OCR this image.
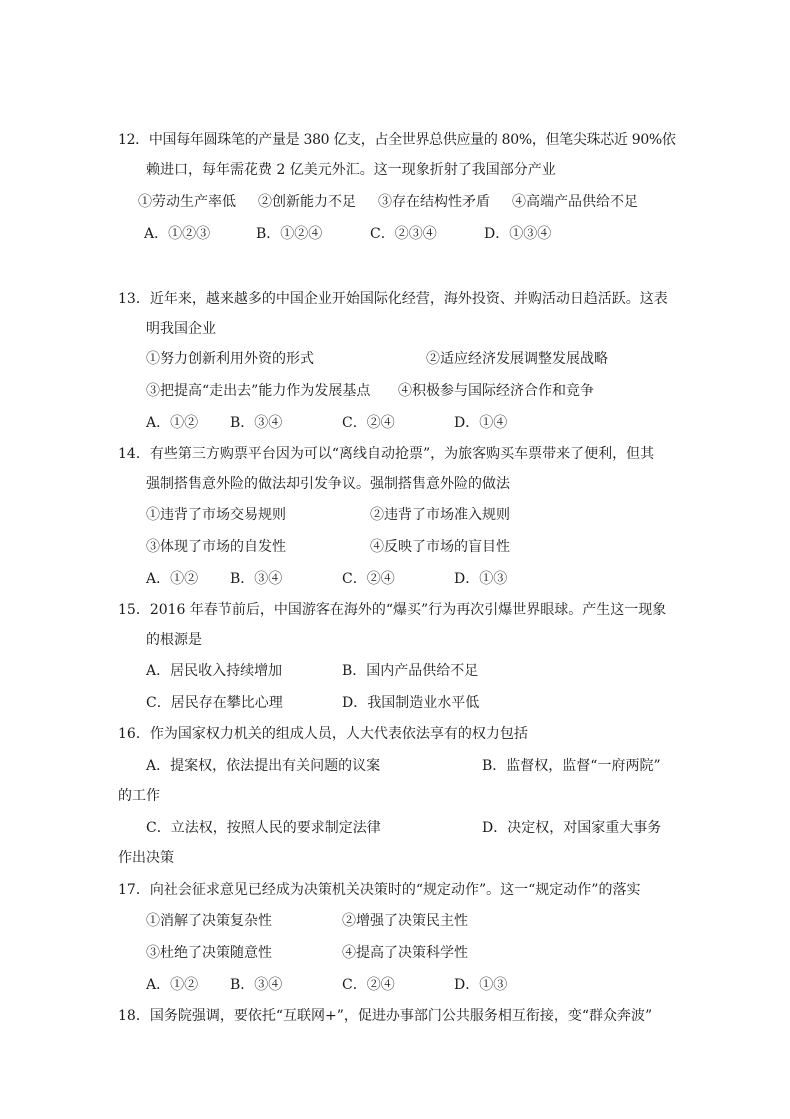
12．中国每年圆珠笔的产量是 380 亿支，占全世界总供应量的 80%，但笔尖珠芯近 90%依
赖进口，每年需花费 2 亿美元外汇。这一现象折射了我国部分产业
①劳动生产率低 ②创新能力不足 ③存在结构性矛盾 ④高端产品供给不足
A．①②③	B．①②④	C．②③④	D．①③④
13．近年来，越来越多的中国企业开始国际化经营，海外投资、并购活动日趋活跃。这表
明我国企业
①努力创新利用外资的形式	②适应经济发展调整发展战略
③把提高“走出去”能力作为发展基点 ④积极参与国际经济合作和竞争
A．①② B．③④	C．②④	D．①④
14．有些第三方购票平台因为可以“离线自动抢票”，为旅客购买车票带来了便利，但其
强制搭售意外险的做法却引发争议。强制搭售意外险的做法
①违背了市场交易规则	②违背了市场准入规则
③体现了市场的自发性	④反映了市场的盲目性
A．①② B．③④	C．②④	D．①③
15．2016 年春节前后，中国游客在海外的“爆买”行为再次引爆世界眼球。产生这一现象
的根源是
A．居民收入持续增加	B．国内产品供给不足
C．居民存在攀比心理	D．我国制造业水平低
16．作为国家权力机关的组成人员，人大代表依法享有的权力包括
A．提案权，依法提出有关问题的议案	B．监督权，监督“一府两院”
的工作
C．立法权，按照人民的要求制定法律	D．决定权，对国家重大事务
作出决策
17．向社会征求意见已经成为决策机关决策时的“规定动作”。这一“规定动作”的落实
①消解了决策复杂性	②增强了决策民主性
③杜绝了决策随意性	④提高了决策科学性
A．①② B．③④	C．②④	D．①③
18．国务院强调，要依托“互联网+”，促进办事部门公共服务相互衔接，变“群众奔波”
